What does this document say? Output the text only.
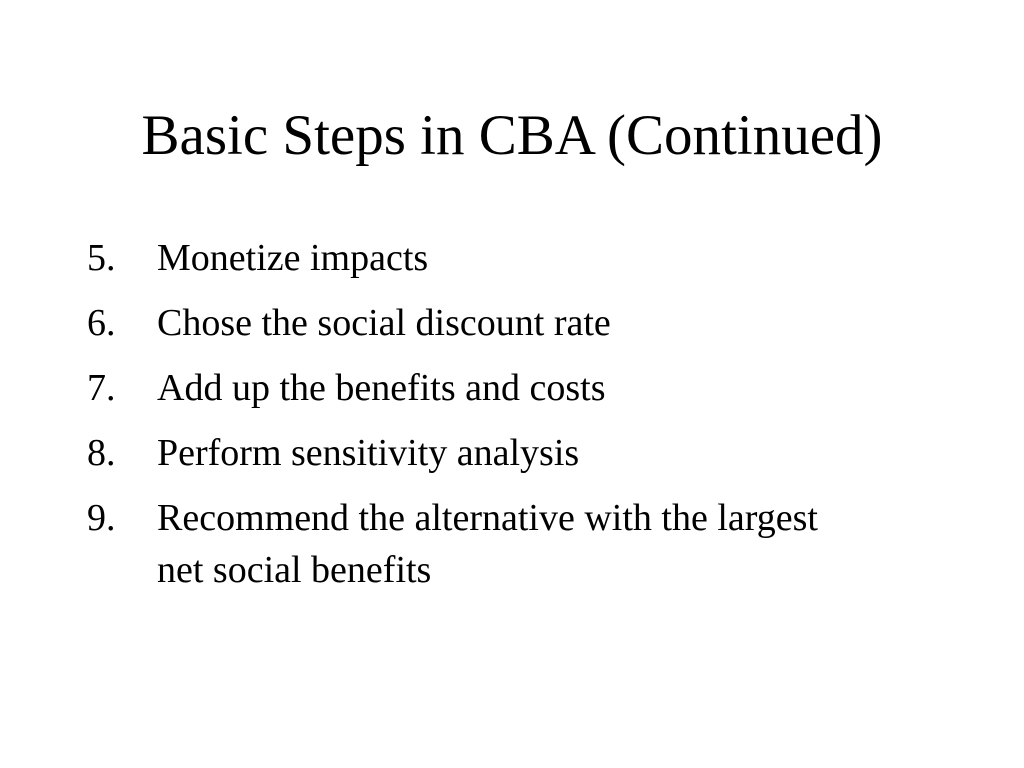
Basic Steps in CBA (Continued)
5.	Monetize impacts
6.	Chose the social discount rate
7.	Add up the benefits and costs
8.	Perform sensitivity analysis
9.	Recommend the alternative with the largest net social benefits
